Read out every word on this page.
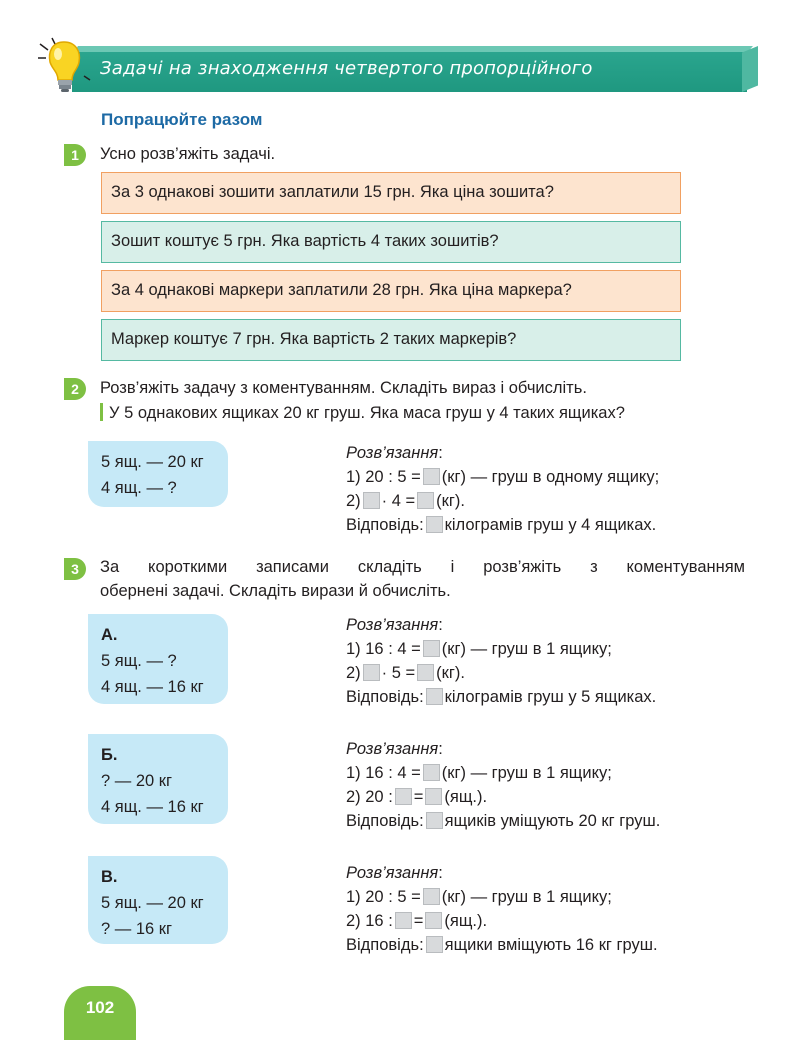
Задачі на знаходження четвертого пропорційного
Попрацюйте разом
1	Усно розв’яжіть задачі.
За 3 однакові зошити заплатили 15 грн. Яка ціна зошита?
Зошит коштує 5 грн. Яка вартість 4 таких зошитів?
За 4 однакові маркери заплатили 28 грн. Яка ціна маркера?
Маркер коштує 7 грн. Яка вартість 2 таких маркерів?
2	Розв’яжіть задачу з коментуванням. Складіть вираз і обчисліть.
У 5 однакових ящиках 20 кг груш. Яка маса груш у 4 таких ящиках?
5 ящ. — 20 кг
4 ящ. — ?
Розв’язання:
1) 20 : 5 = (кг) — груш в одному ящику;
2) · 4 = (кг).
Відповідь: кілограмів груш у 4 ящиках.
3	За короткими записами складіть і розв’яжіть з коментуванням
обернені задачі. Складіть вирази й обчисліть.
А.
5 ящ. — ?
4 ящ. — 16 кг
Розв’язання:
1) 16 : 4 = (кг) — груш в 1 ящику;
2) · 5 = (кг).
Відповідь: кілограмів груш у 5 ящиках.
Б.
? — 20 кг
4 ящ. — 16 кг
Розв’язання:
1) 16 : 4 = (кг) — груш в 1 ящику;
2) 20 : = (ящ.).
Відповідь: ящиків уміщують 20 кг груш.
В.
5 ящ. — 20 кг
? — 16 кг
Розв’язання:
1) 20 : 5 = (кг) — груш в 1 ящику;
2) 16 : = (ящ.).
Відповідь: ящики вміщують 16 кг груш.
102
